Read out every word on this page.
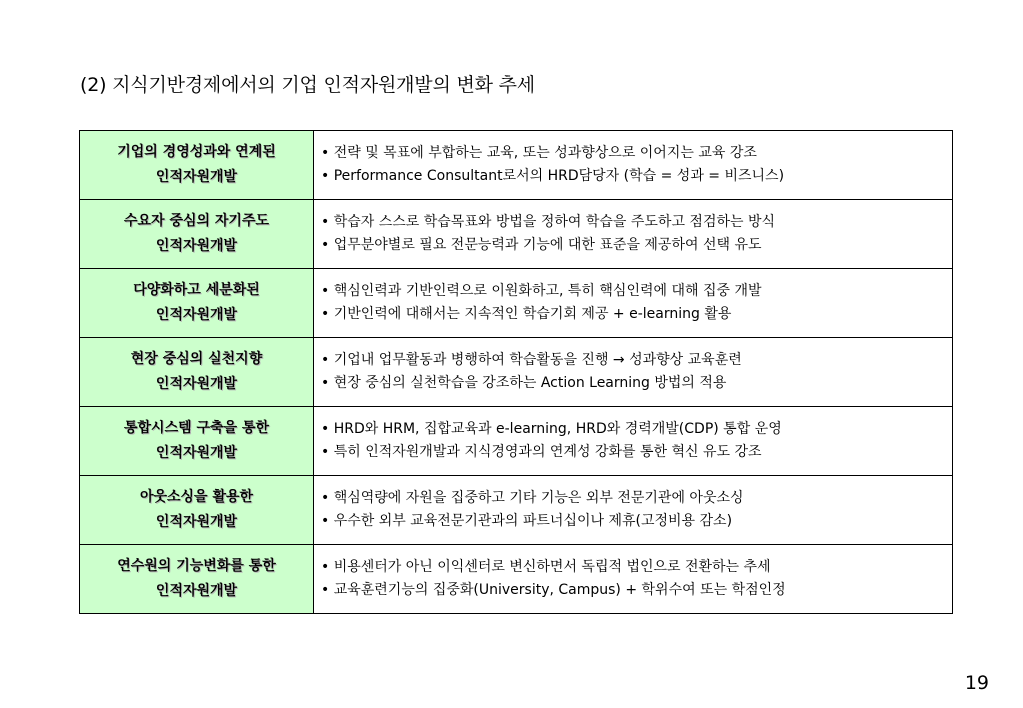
(2) 지식기반경제에서의 기업 인적자원개발의 변화 추세
기업의 경영성과와 연계된
인적자원개발	• 전략 및 목표에 부합하는 교육, 또는 성과향상으로 이어지는 교육 강조
• Performance Consultant로서의 HRD담당자 (학습 = 성과 = 비즈니스)

수요자 중심의 자기주도
인적자원개발	• 학습자 스스로 학습목표와 방법을 정하여 학습을 주도하고 점검하는 방식
• 업무분야별로 필요 전문능력과 기능에 대한 표준을 제공하여 선택 유도

다양화하고 세분화된
인적자원개발	• 핵심인력과 기반인력으로 이원화하고, 특히 핵심인력에 대해 집중 개발
• 기반인력에 대해서는 지속적인 학습기회 제공 + e-learning 활용

현장 중심의 실천지향
인적자원개발	• 기업내 업무활동과 병행하여 학습활동을 진행 → 성과향상 교육훈련
• 현장 중심의 실천학습을 강조하는 Action Learning 방법의 적용

통합시스템 구축을 통한
인적자원개발	• HRD와 HRM, 집합교육과 e-learning, HRD와 경력개발(CDP) 통합 운영
• 특히 인적자원개발과 지식경영과의 연계성 강화를 통한 혁신 유도 강조

아웃소싱을 활용한
인적자원개발	• 핵심역량에 자원을 집중하고 기타 기능은 외부 전문기관에 아웃소싱
• 우수한 외부 교육전문기관과의 파트너십이나 제휴(고정비용 감소)

연수원의 기능변화를 통한
인적자원개발	• 비용센터가 아닌 이익센터로 변신하면서 독립적 법인으로 전환하는 추세
• 교육훈련기능의 집중화(University, Campus) + 학위수여 또는 학점인정
19
